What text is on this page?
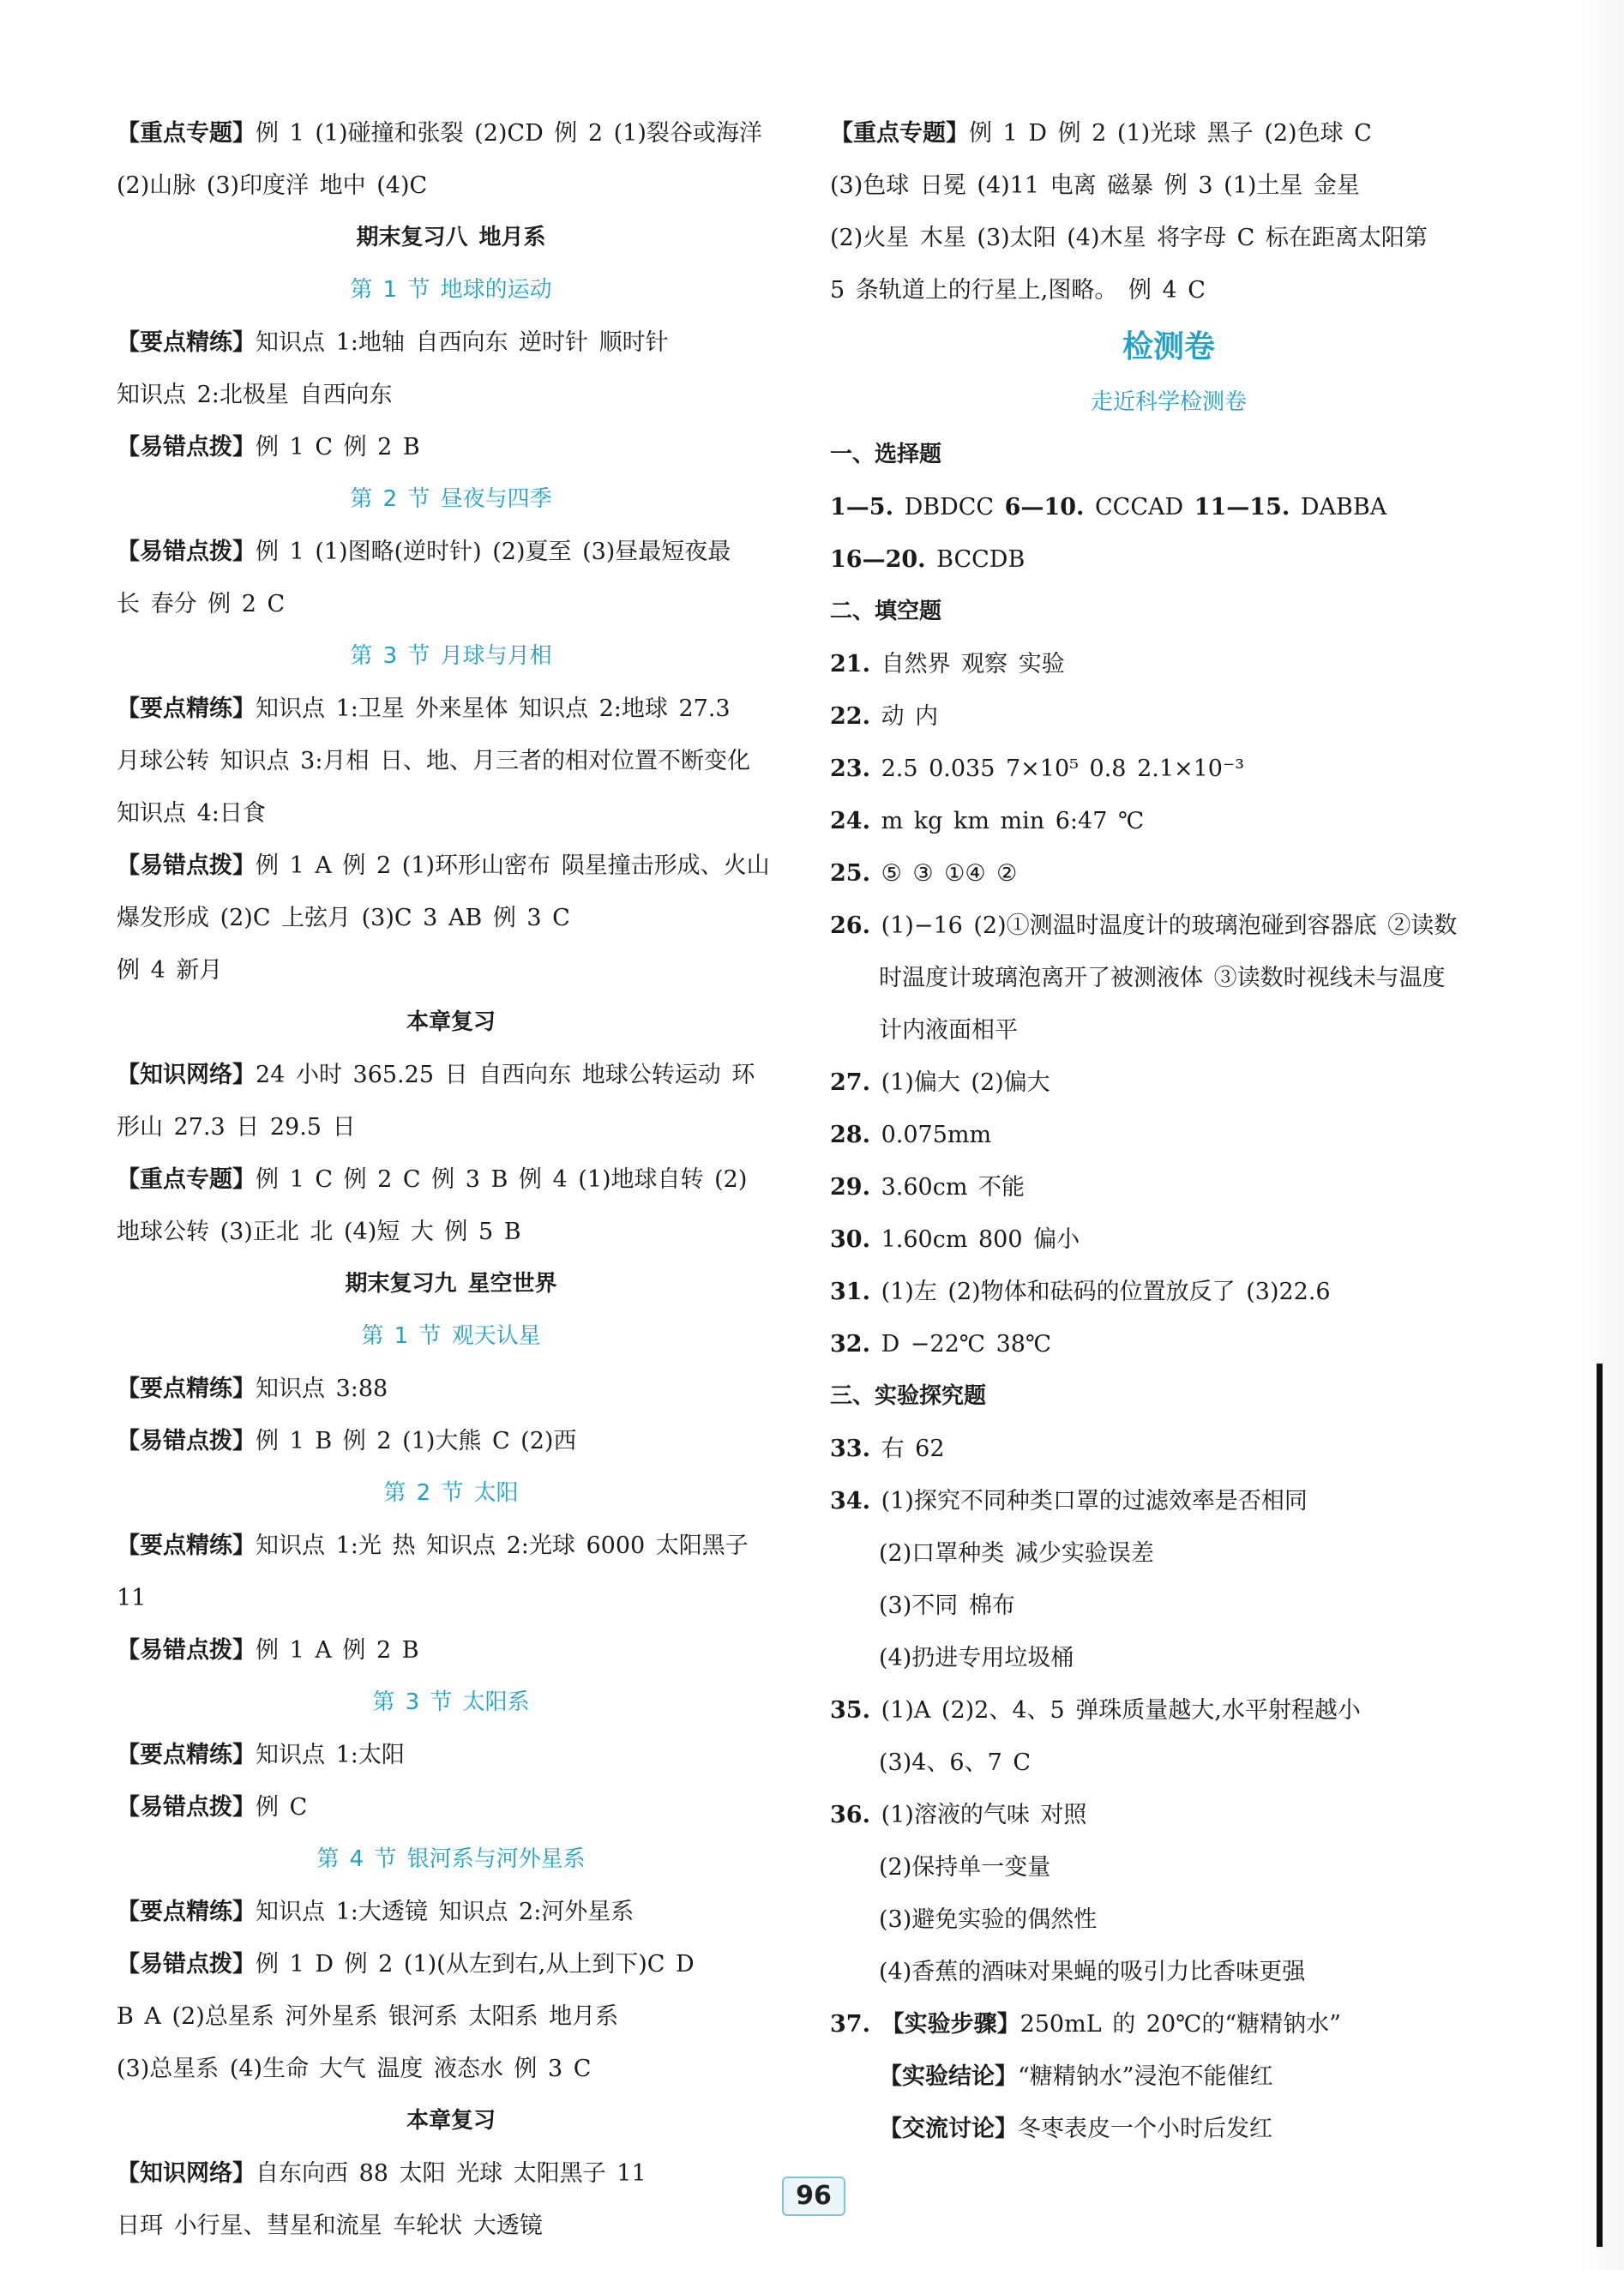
【重点专题】例 1 (1)碰撞和张裂 (2)CD 例 2 (1)裂谷或海洋
(2)山脉 (3)印度洋 地中 (4)C
期末复习八 地月系
第 1 节 地球的运动
【要点精练】知识点 1:地轴 自西向东 逆时针 顺时针
知识点 2:北极星 自西向东
【易错点拨】例 1 C 例 2 B
第 2 节 昼夜与四季
【易错点拨】例 1 (1)图略(逆时针) (2)夏至 (3)昼最短夜最
长 春分 例 2 C
第 3 节 月球与月相
【要点精练】知识点 1:卫星 外来星体 知识点 2:地球 27.3
月球公转 知识点 3:月相 日、地、月三者的相对位置不断变化
知识点 4:日食
【易错点拨】例 1 A 例 2 (1)环形山密布 陨星撞击形成、火山
爆发形成 (2)C 上弦月 (3)C 3 AB 例 3 C
例 4 新月
本章复习
【知识网络】24 小时 365.25 日 自西向东 地球公转运动 环
形山 27.3 日 29.5 日
【重点专题】例 1 C 例 2 C 例 3 B 例 4 (1)地球自转 (2)
地球公转 (3)正北 北 (4)短 大 例 5 B
期末复习九 星空世界
第 1 节 观天认星
【要点精练】知识点 3:88
【易错点拨】例 1 B 例 2 (1)大熊 C (2)西
第 2 节 太阳
【要点精练】知识点 1:光 热 知识点 2:光球 6000 太阳黑子
11
【易错点拨】例 1 A 例 2 B
第 3 节 太阳系
【要点精练】知识点 1:太阳
【易错点拨】例 C
第 4 节 银河系与河外星系
【要点精练】知识点 1:大透镜 知识点 2:河外星系
【易错点拨】例 1 D 例 2 (1)(从左到右,从上到下)C D
B A (2)总星系 河外星系 银河系 太阳系 地月系
(3)总星系 (4)生命 大气 温度 液态水 例 3 C
本章复习
【知识网络】自东向西 88 太阳 光球 太阳黑子 11
日珥 小行星、彗星和流星 车轮状 大透镜
【重点专题】例 1 D 例 2 (1)光球 黑子 (2)色球 C
(3)色球 日冕 (4)11 电离 磁暴 例 3 (1)土星 金星
(2)火星 木星 (3)太阳 (4)木星 将字母 C 标在距离太阳第
5 条轨道上的行星上,图略。 例 4 C
检测卷
走近科学检测卷
一、选择题
1—5. DBDCC 6—10. CCCAD 11—15. DABBA
16—20. BCCDB
二、填空题
21. 自然界 观察 实验
22. 动 内
23. 2.5 0.035 7×10⁵ 0.8 2.1×10⁻³
24. m kg km min 6:47 ℃
25. ⑤ ③ ①④ ②
26. (1)−16 (2)①测温时温度计的玻璃泡碰到容器底 ②读数
时温度计玻璃泡离开了被测液体 ③读数时视线未与温度
计内液面相平
27. (1)偏大 (2)偏大
28. 0.075mm
29. 3.60cm 不能
30. 1.60cm 800 偏小
31. (1)左 (2)物体和砝码的位置放反了 (3)22.6
32. D −22℃ 38℃
三、实验探究题
33. 右 62
34. (1)探究不同种类口罩的过滤效率是否相同
(2)口罩种类 减少实验误差
(3)不同 棉布
(4)扔进专用垃圾桶
35. (1)A (2)2、4、5 弹珠质量越大,水平射程越小
(3)4、6、7 C
36. (1)溶液的气味 对照
(2)保持单一变量
(3)避免实验的偶然性
(4)香蕉的酒味对果蝇的吸引力比香味更强
37. 【实验步骤】250mL 的 20℃的“糖精钠水”
【实验结论】“糖精钠水”浸泡不能催红
【交流讨论】冬枣表皮一个小时后发红
96
